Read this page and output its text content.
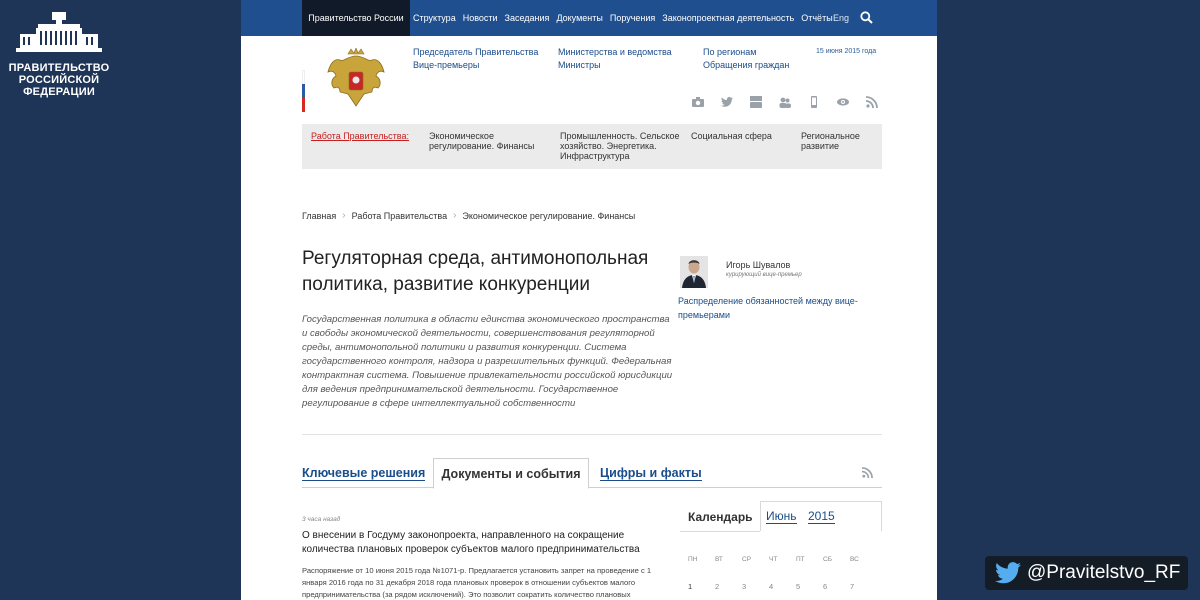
ПРАВИТЕЛЬСТВО
РОССИЙСКОЙ
ФЕДЕРАЦИИ
@Pravitelstvo_RF
Правительство России	Структура Новости Заседания Документы Поручения Законопроектная деятельность Отчёты Eng
Председатель Правительства
Вице-премьеры
Министерства и ведомства
Министры
По регионам
Обращения граждан
15 июня 2015 года
Работа Правительства: Экономическое регулирование. Финансы
Промышленность. Сельское хозяйство. Энергетика. Инфраструктура
Социальная сфера	Региональное развитие
Главная › Работа Правительства › Экономическое регулирование. Финансы
Регуляторная среда, антимонопольная политика, развитие конкуренции

Государственная политика в области единства экономического пространства и свободы экономической деятельности, совершенствования регуляторной среды, антимонопольной политики и развития конкуренции. Система государственного контроля, надзора и разрешительных функций. Федеральная контрактная система. Повышение привлекательности российской юрисдикции для ведения предпринимательской деятельности. Государственное регулирование в сфере интеллектуальной собственности

Игорь Шувалов
курирующий вице-премьер
Распределение обязанностей между вице-премьерами
Ключевые решения	Документы и события	Цифры и факты
3 часа назад
О внесении в Госдуму законопроекта, направленного на сокращение количества плановых проверок субъектов малого предпринимательства
Распоряжение от 10 июня 2015 года №1071-р. Предлагается установить запрет на проведение с 1 января 2016 года по 31 декабря 2018 года плановых проверок в отношении субъектов малого предпринимательства (за рядом исключений). Это позволит сократить количество плановых
Календарь Июнь 2015
ПН	ВТ	СР	ЧТ	ПТ	СБ	ВС
1	2	3	4	5	6	7
